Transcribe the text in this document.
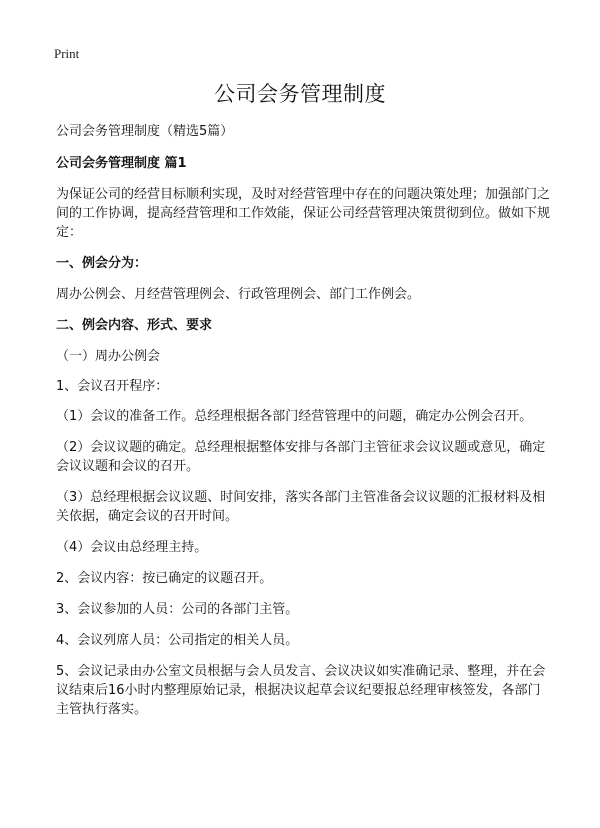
Print
公司会务管理制度

公司会务管理制度（精选5篇）

公司会务管理制度 篇1

为保证公司的经营目标顺利实现，及时对经营管理中存在的问题决策处理；加强部门之间的工作协调，提高经营管理和工作效能，保证公司经营管理决策贯彻到位。做如下规定：

一、例会分为：

周办公例会、月经营管理例会、行政管理例会、部门工作例会。

二、例会内容、形式、要求

（一）周办公例会

1、会议召开程序：

（1）会议的准备工作。总经理根据各部门经营管理中的问题，确定办公例会召开。

（2）会议议题的确定。总经理根据整体安排与各部门主管征求会议议题或意见，确定会议议题和会议的召开。

（3）总经理根据会议议题、时间安排，落实各部门主管准备会议议题的汇报材料及相关依据，确定会议的召开时间。

（4）会议由总经理主持。

2、会议内容：按已确定的议题召开。

3、会议参加的人员：公司的各部门主管。

4、会议列席人员：公司指定的相关人员。

5、会议记录由办公室文员根据与会人员发言、会议决议如实准确记录、整理，并在会议结束后16小时内整理原始记录，根据决议起草会议纪要报总经理审核签发，各部门主管执行落实。
